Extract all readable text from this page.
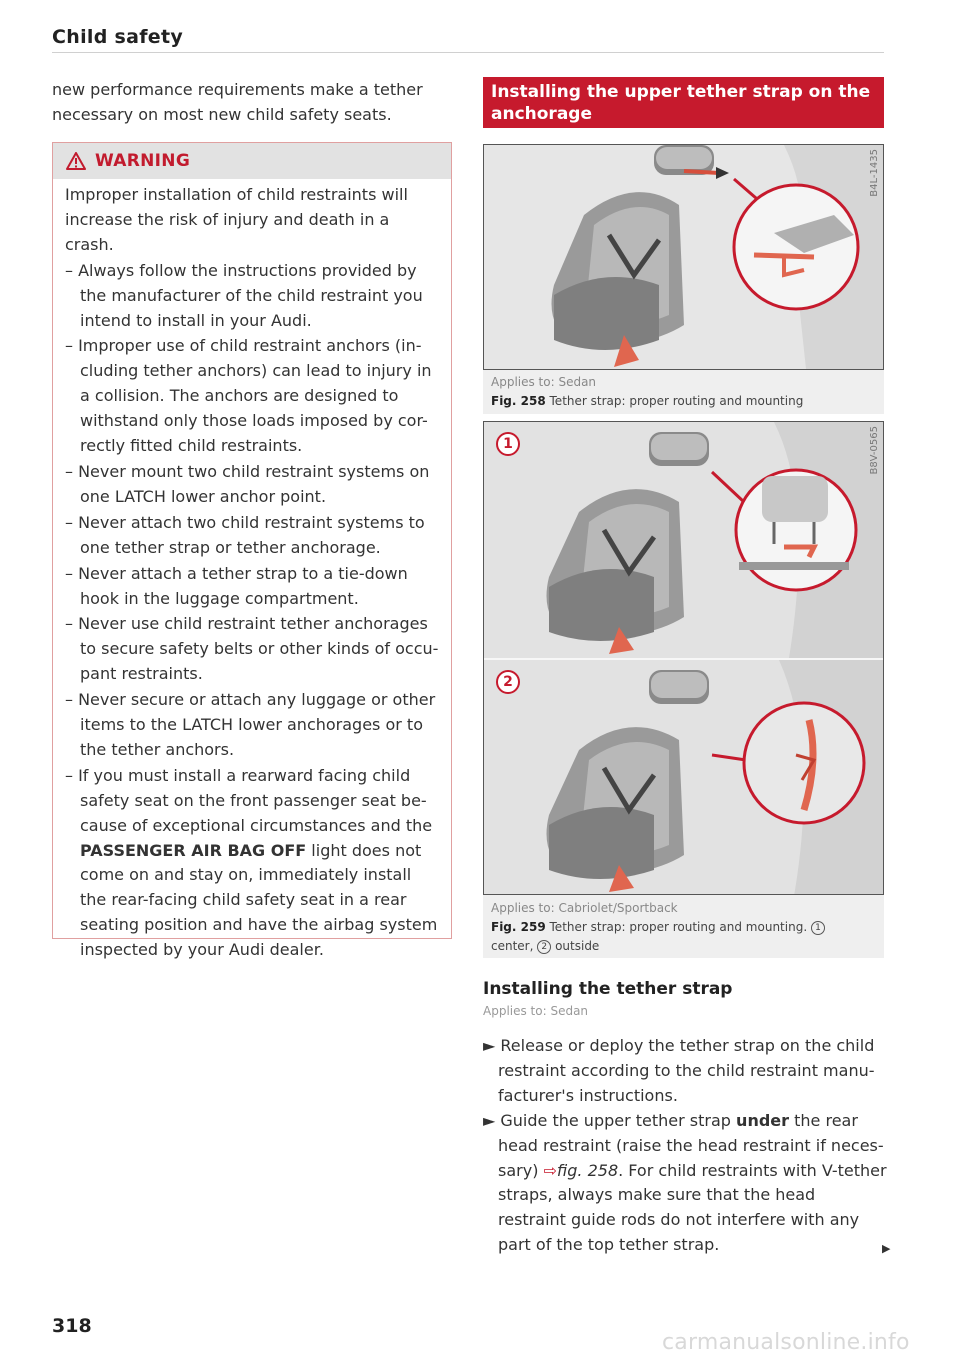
Child safety

new performance requirements make a tether necessary on most new child safety seats.

WARNING

Improper installation of child restraints will increase the risk of injury and death in a crash.

– Always follow the instructions provided by the manufacturer of the child restraint you intend to install in your Audi.

– Improper use of child restraint anchors (in-cluding tether anchors) can lead to injury in a collision. The anchors are designed to withstand only those loads imposed by cor-rectly fitted child restraints.

– Never mount two child restraint systems on one LATCH lower anchor point.

– Never attach two child restraint systems to one tether strap or tether anchorage.

– Never attach a tether strap to a tie-down hook in the luggage compartment.

– Never use child restraint tether anchorages to secure safety belts or other kinds of occu-pant restraints.

– Never secure or attach any luggage or other items to the LATCH lower anchorages or to the tether anchors.

– If you must install a rearward facing child safety seat on the front passenger seat be-cause of exceptional circumstances and the PASSENGER AIR BAG OFF light does not come on and stay on, immediately install the rear-facing child safety seat in a rear seating position and have the airbag system inspected by your Audi dealer.

Installing the upper tether strap on the anchorage
B4L-1435
Applies to: Sedan
Fig. 258 Tether strap: proper routing and mounting
1
2
B8V-0565
Applies to: Cabriolet/Sportback
Fig. 259 Tether strap: proper routing and mounting. 1
center, 2 outside
Installing the tether strap
Applies to: Sedan

► Release or deploy the tether strap on the child restraint according to the child restraint manu-facturer's instructions.

► Guide the upper tether strap under the rear head restraint (raise the head restraint if neces-sary) ⇨fig. 258. For child restraints with V-tether straps, always make sure that the head restraint guide rods do not interfere with any part of the top tether strap.	▶
318
carmanualsonline.info
